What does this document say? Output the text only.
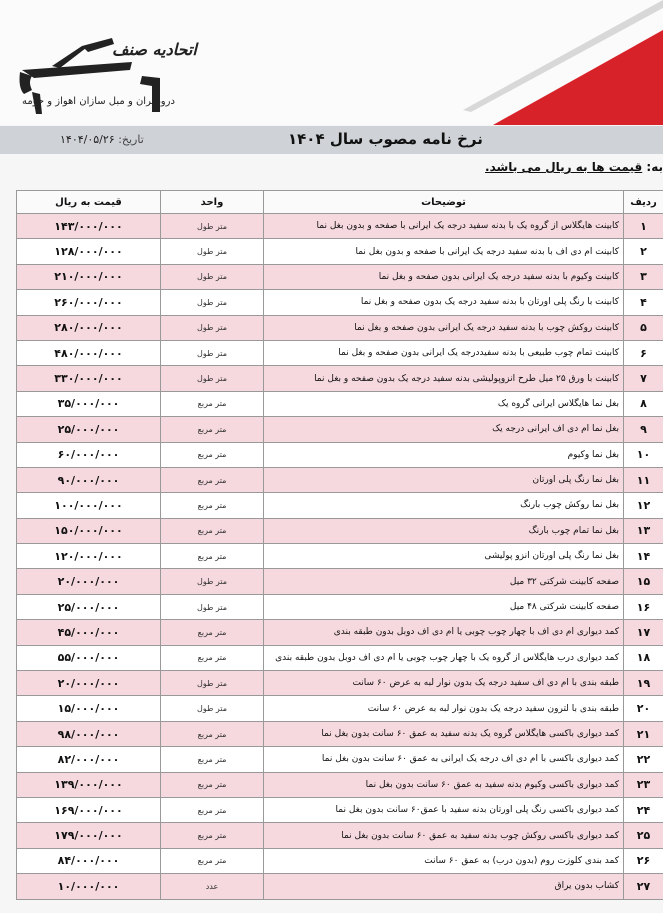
اتحادیه صنف
درودگران و مبل سازان اهواز و حومه
تاریخ: ۱۴۰۴/۰۵/۲۶	نرخ نامه مصوب سال ۱۴۰۴
به: قیمت ها به ریال می باشد.
ردیف	توضیحات	واحد	قیمت به ریال
۱	کابینت هایگلاس از گروه یک با بدنه سفید درجه یک ایرانی با صفحه و بدون بغل نما	متر طول	۱۴۳/۰۰۰/۰۰۰
۲	کابینت ام دی اف با بدنه سفید درجه یک ایرانی با صفحه و بدون بغل نما	متر طول	۱۲۸/۰۰۰/۰۰۰
۳	کابینت وکیوم با بدنه سفید درجه یک ایرانی بدون صفحه و بغل نما	متر طول	۲۱۰/۰۰۰/۰۰۰
۴	کابینت با رنگ پلی اورتان با بدنه سفید درجه یک بدون صفحه و بغل نما	متر طول	۲۶۰/۰۰۰/۰۰۰
۵	کابینت روکش چوب با بدنه سفید درجه یک ایرانی بدون صفحه و بغل نما	متر طول	۲۸۰/۰۰۰/۰۰۰
۶	کابینت تمام چوب طبیعی با بدنه سفیددرجه یک ایرانی بدون صفحه و بغل نما	متر طول	۴۸۰/۰۰۰/۰۰۰
۷	کابینت با ورق ۲۵ میل طرح انزوپولیشی بدنه سفید درجه یک بدون صفحه و بغل نما	متر طول	۳۳۰/۰۰۰/۰۰۰
۸	بغل نما هایگلاس ایرانی گروه یک	متر مربع	۳۵/۰۰۰/۰۰۰
۹	بغل نما ام دی اف ایرانی درجه یک	متر مربع	۲۵/۰۰۰/۰۰۰
۱۰	بغل نما وکیوم	متر مربع	۶۰/۰۰۰/۰۰۰
۱۱	بغل نما رنگ پلی اورتان	متر مربع	۹۰/۰۰۰/۰۰۰
۱۲	بغل نما روکش چوب بارنگ	متر مربع	۱۰۰/۰۰۰/۰۰۰
۱۳	بغل نما تمام چوب بارنگ	متر مربع	۱۵۰/۰۰۰/۰۰۰
۱۴	بغل نما رنگ پلی اورتان انزو پولیشی	متر مربع	۱۲۰/۰۰۰/۰۰۰
۱۵	صفحه کابینت شرکتی ۳۲ میل	متر طول	۲۰/۰۰۰/۰۰۰
۱۶	صفحه کابینت شرکتی ۴۸ میل	متر طول	۲۵/۰۰۰/۰۰۰
۱۷	کمد دیواری ام دی اف با چهار چوب چوبی یا ام دی اف دوبل بدون طبقه بندی	متر مربع	۴۵/۰۰۰/۰۰۰
۱۸	کمد دیواری درب هایگلاس از گروه یک با چهار چوب چوبی یا ام دی اف دوبل بدون طبقه بندی	متر مربع	۵۵/۰۰۰/۰۰۰
۱۹	طبقه بندی با ام دی اف سفید درجه یک بدون نوار لبه به عرض ۶۰ سانت	متر طول	۲۰/۰۰۰/۰۰۰
۲۰	طبقه بندی با لترون سفید درجه یک بدون نوار لبه به عرض ۶۰ سانت	متر طول	۱۵/۰۰۰/۰۰۰
۲۱	کمد دیواری باکسی هایگلاس گروه یک بدنه سفید به عمق ۶۰ سانت بدون بغل نما	متر مربع	۹۸/۰۰۰/۰۰۰
۲۲	کمد دیواری باکسی با ام دی اف درجه یک ایرانی به عمق ۶۰ سانت بدون بغل نما	متر مربع	۸۲/۰۰۰/۰۰۰
۲۳	کمد دیواری باکسی وکیوم بدنه سفید به عمق ۶۰ سانت بدون بغل نما	متر مربع	۱۳۹/۰۰۰/۰۰۰
۲۴	کمد دیواری باکسی رنگ پلی اورتان بدنه سفید با عمق۶۰ سانت بدون بغل نما	متر مربع	۱۶۹/۰۰۰/۰۰۰
۲۵	کمد دیواری باکسی روکش چوب بدنه سفید به عمق ۶۰ سانت بدون بغل نما	متر مربع	۱۷۹/۰۰۰/۰۰۰
۲۶	کمد بندی کلوزت روم (بدون درب) به عمق ۶۰ سانت	متر مربع	۸۴/۰۰۰/۰۰۰
۲۷	کشاب بدون یراق	عدد	۱۰/۰۰۰/۰۰۰
